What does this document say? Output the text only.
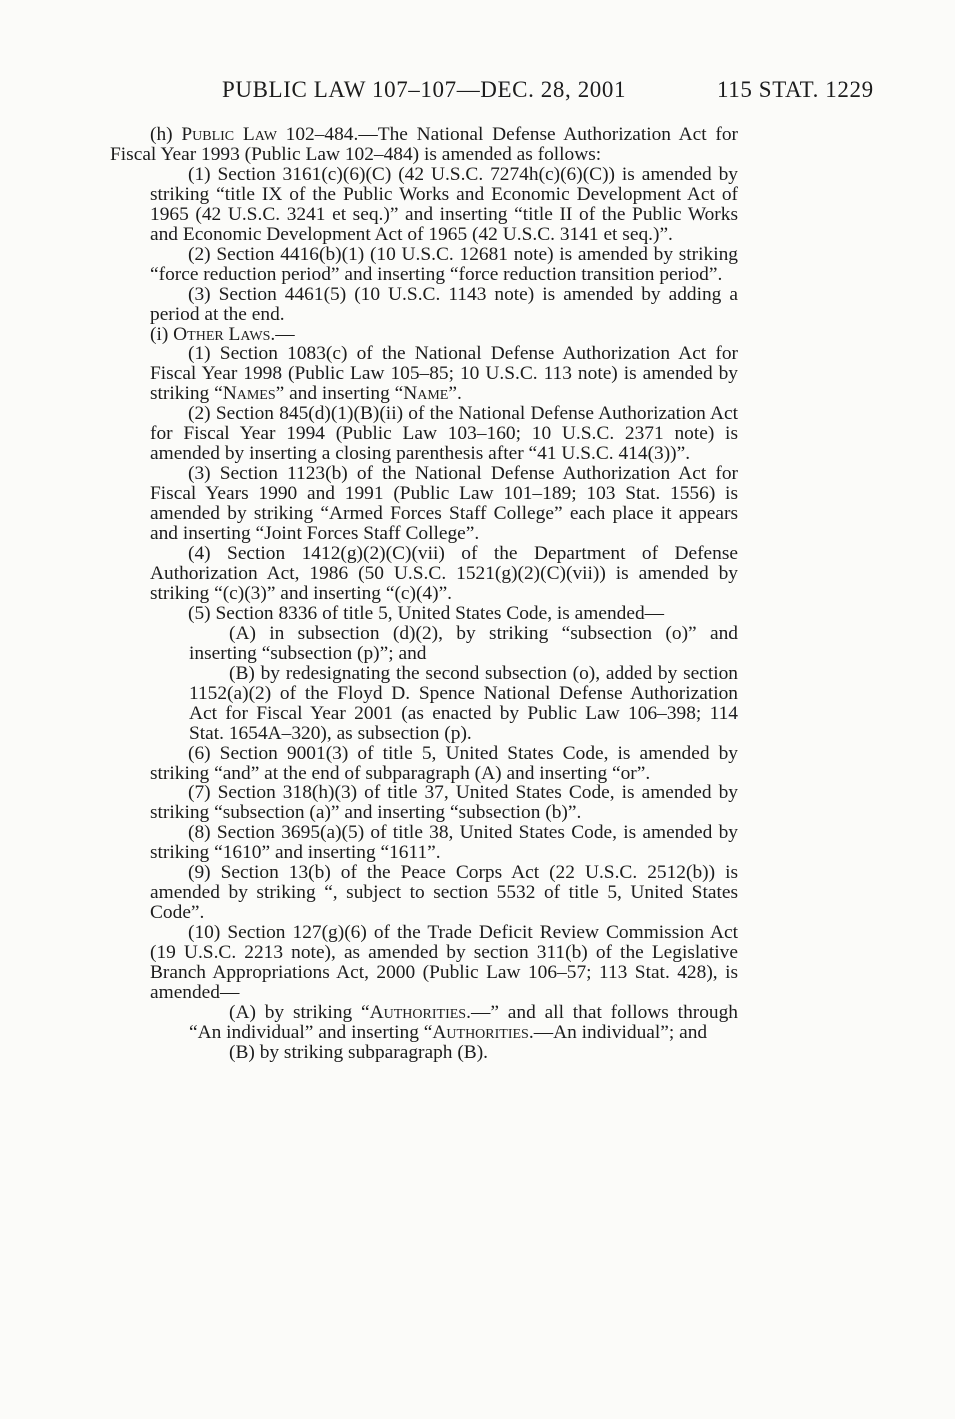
PUBLIC LAW 107–107—DEC. 28, 2001	115 STAT. 1229

(h) Public Law 102–484.—The National Defense Authorization Act for Fiscal Year 1993 (Public Law 102–484) is amended as follows:

(1) Section 3161(c)(6)(C) (42 U.S.C. 7274h(c)(6)(C)) is amended by striking “title IX of the Public Works and Economic Development Act of 1965 (42 U.S.C. 3241 et seq.)” and inserting “title II of the Public Works and Economic Development Act of 1965 (42 U.S.C. 3141 et seq.)”.

(2) Section 4416(b)(1) (10 U.S.C. 12681 note) is amended by striking “force reduction period” and inserting “force reduction transition period”.

(3) Section 4461(5) (10 U.S.C. 1143 note) is amended by adding a period at the end.

(i) Other Laws.—

(1) Section 1083(c) of the National Defense Authorization Act for Fiscal Year 1998 (Public Law 105–85; 10 U.S.C. 113 note) is amended by striking “Names” and inserting “Name”.

(2) Section 845(d)(1)(B)(ii) of the National Defense Authorization Act for Fiscal Year 1994 (Public Law 103–160; 10 U.S.C. 2371 note) is amended by inserting a closing parenthesis after “41 U.S.C. 414(3))”.

(3) Section 1123(b) of the National Defense Authorization Act for Fiscal Years 1990 and 1991 (Public Law 101–189; 103 Stat. 1556) is amended by striking “Armed Forces Staff College” each place it appears and inserting “Joint Forces Staff College”.

(4) Section 1412(g)(2)(C)(vii) of the Department of Defense Authorization Act, 1986 (50 U.S.C. 1521(g)(2)(C)(vii)) is amended by striking “(c)(3)” and inserting “(c)(4)”.

(5) Section 8336 of title 5, United States Code, is amended—

(A) in subsection (d)(2), by striking “subsection (o)” and inserting “subsection (p)”; and

(B) by redesignating the second subsection (o), added by section 1152(a)(2) of the Floyd D. Spence National Defense Authorization Act for Fiscal Year 2001 (as enacted by Public Law 106–398; 114 Stat. 1654A–320), as subsection (p).

(6) Section 9001(3) of title 5, United States Code, is amended by striking “and” at the end of subparagraph (A) and inserting “or”.

(7) Section 318(h)(3) of title 37, United States Code, is amended by striking “subsection (a)” and inserting “subsection (b)”.

(8) Section 3695(a)(5) of title 38, United States Code, is amended by striking “1610” and inserting “1611”.

(9) Section 13(b) of the Peace Corps Act (22 U.S.C. 2512(b)) is amended by striking “, subject to section 5532 of title 5, United States Code”.

(10) Section 127(g)(6) of the Trade Deficit Review Commission Act (19 U.S.C. 2213 note), as amended by section 311(b) of the Legislative Branch Appropriations Act, 2000 (Public Law 106–57; 113 Stat. 428), is amended—

(A) by striking “Authorities.—” and all that follows through “An individual” and inserting “Authorities.—An individual”; and

(B) by striking subparagraph (B).
